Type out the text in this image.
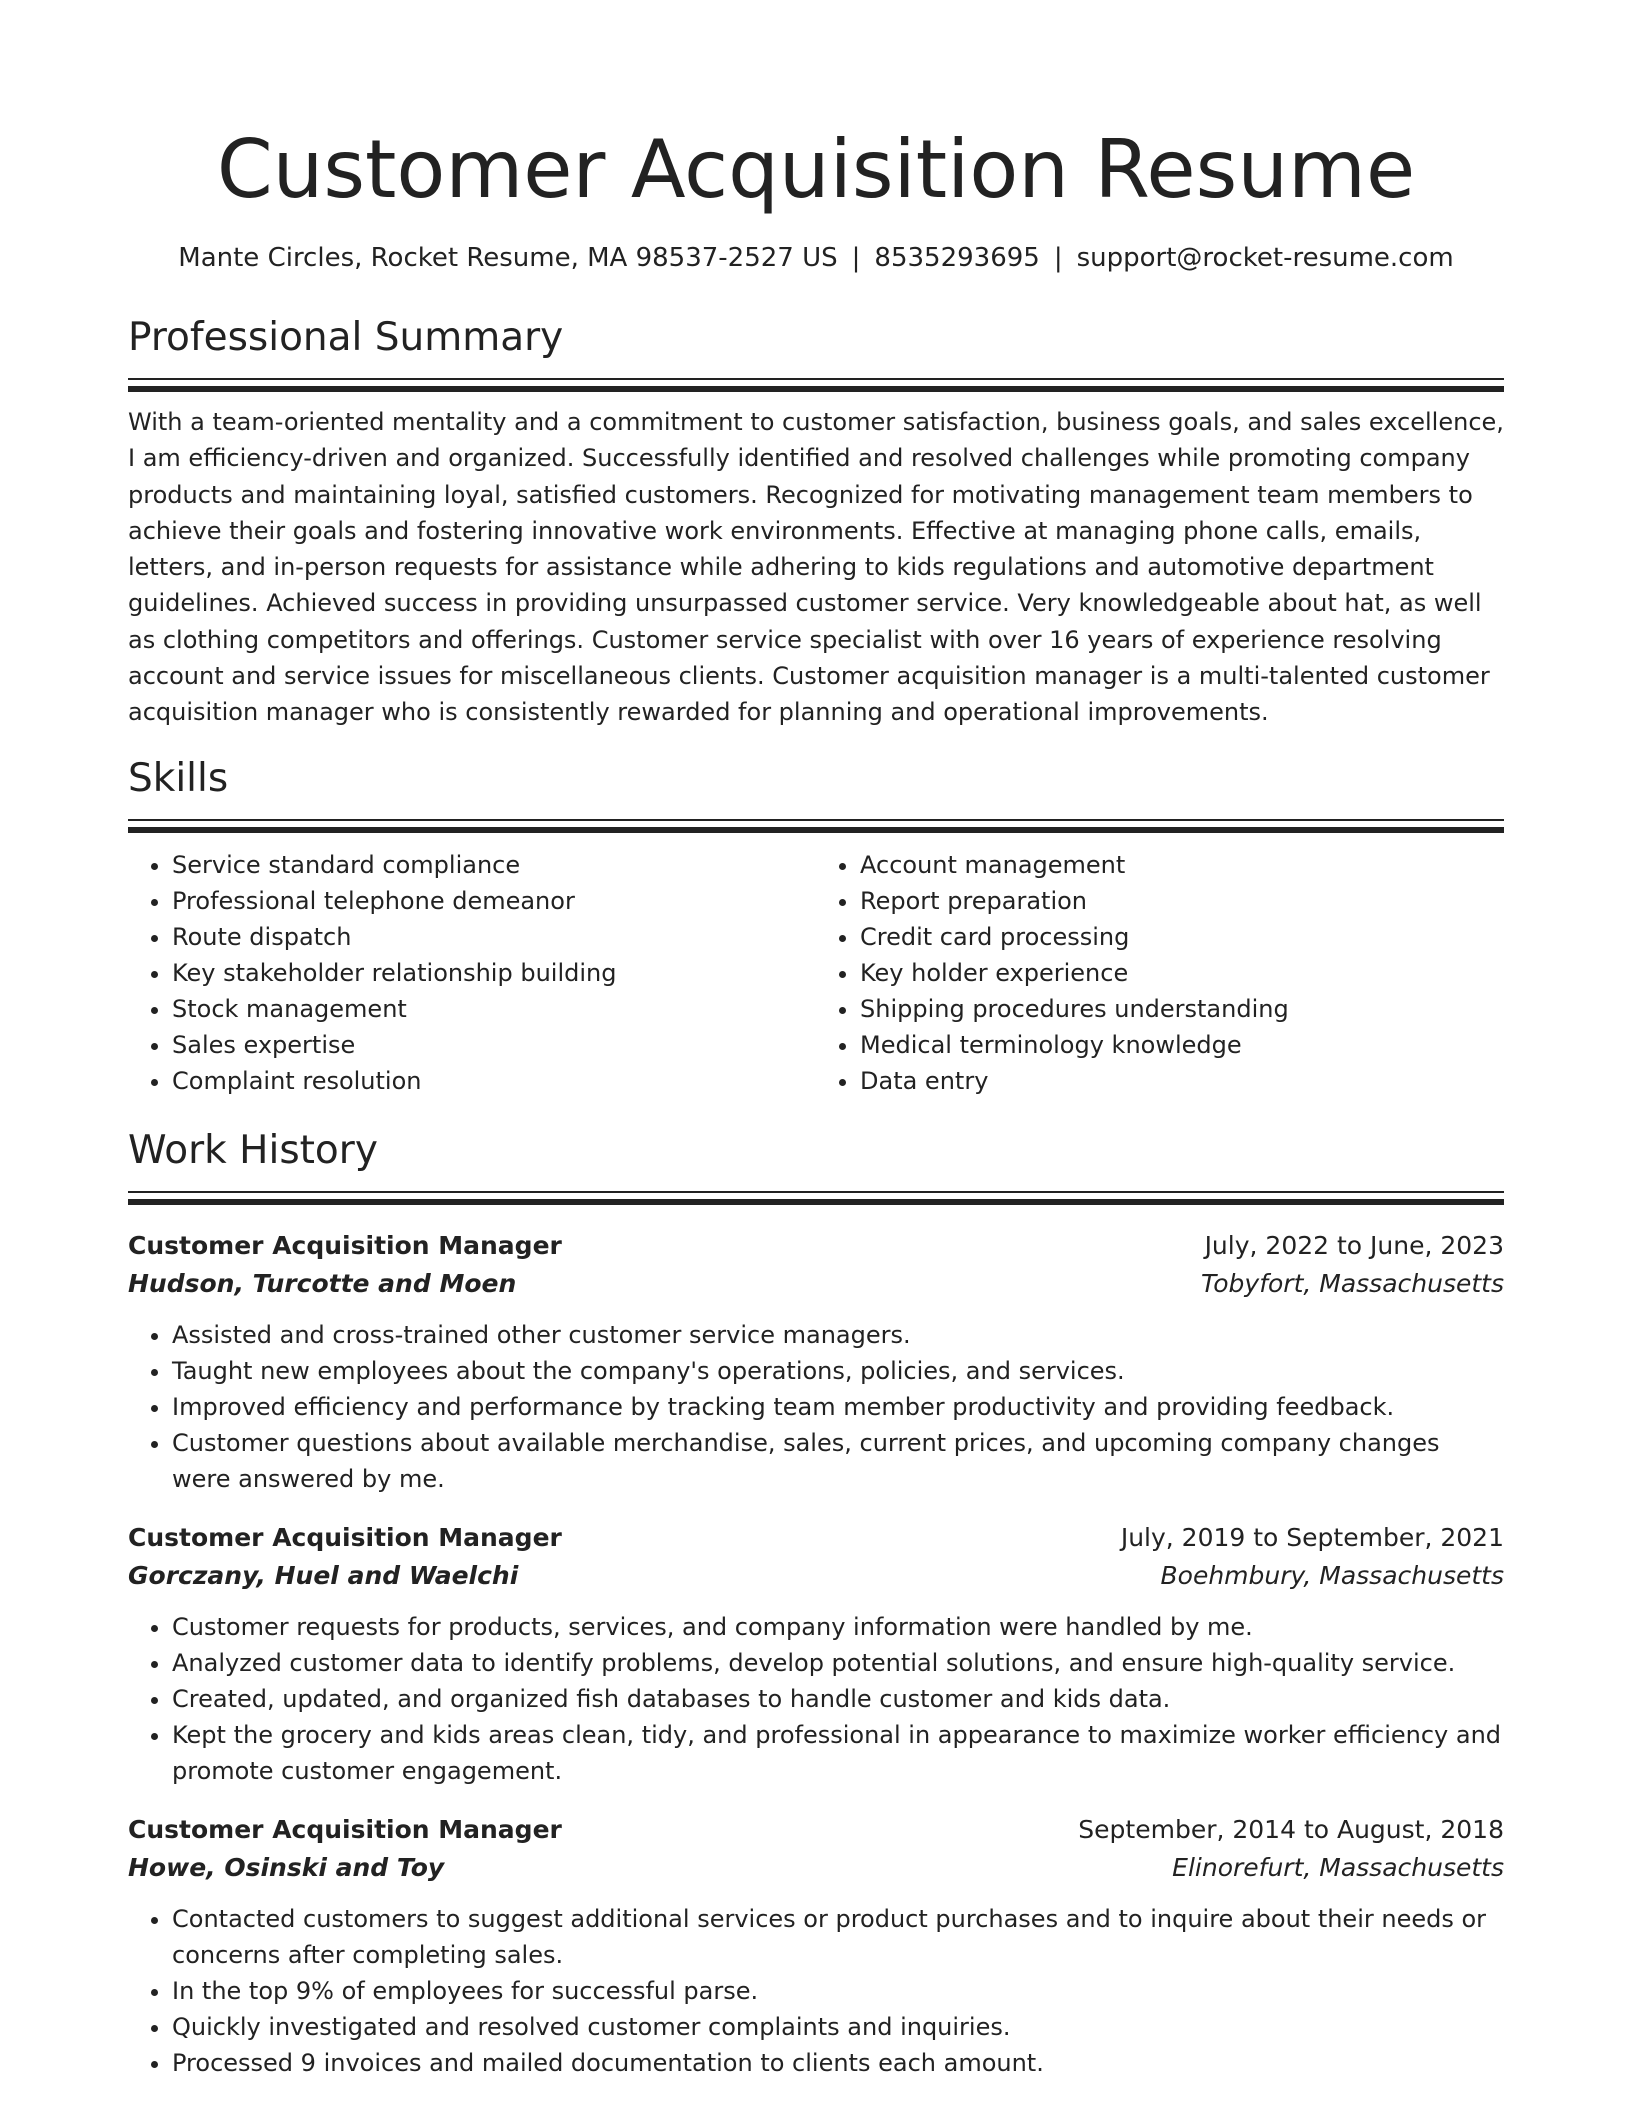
Customer Acquisition Resume
Mante Circles, Rocket Resume, MA 98537-2527 US | 8535293695 | support@rocket-resume.com
Professional Summary

With a team-oriented mentality and a commitment to customer satisfaction, business goals, and sales excellence, I am efficiency-driven and organized. Successfully identified and resolved challenges while promoting company products and maintaining loyal, satisfied customers. Recognized for motivating management team members to achieve their goals and fostering innovative work environments. Effective at managing phone calls, emails, letters, and in-person requests for assistance while adhering to kids regulations and automotive department guidelines. Achieved success in providing unsurpassed customer service. Very knowledgeable about hat, as well as clothing competitors and offerings. Customer service specialist with over 16 years of experience resolving account and service issues for miscellaneous clients. Customer acquisition manager is a multi-talented customer acquisition manager who is consistently rewarded for planning and operational improvements.

Skills
• Service standard compliance
• Professional telephone demeanor
• Route dispatch
• Key stakeholder relationship building
• Stock management
• Sales expertise
• Complaint resolution
• Account management
• Report preparation
• Credit card processing
• Key holder experience
• Shipping procedures understanding
• Medical terminology knowledge
• Data entry
Work History
Customer Acquisition Manager	July, 2022 to June, 2023
Hudson, Turcotte and Moen	Tobyfort, Massachusetts
• Assisted and cross-trained other customer service managers.
• Taught new employees about the company's operations, policies, and services.
• Improved efficiency and performance by tracking team member productivity and providing feedback.
• Customer questions about available merchandise, sales, current prices, and upcoming company changes were answered by me.
Customer Acquisition Manager	July, 2019 to September, 2021
Gorczany, Huel and Waelchi	Boehmbury, Massachusetts
• Customer requests for products, services, and company information were handled by me.
• Analyzed customer data to identify problems, develop potential solutions, and ensure high-quality service.
• Created, updated, and organized fish databases to handle customer and kids data.
• Kept the grocery and kids areas clean, tidy, and professional in appearance to maximize worker efficiency and promote customer engagement.
Customer Acquisition Manager	September, 2014 to August, 2018
Howe, Osinski and Toy	Elinorefurt, Massachusetts
• Contacted customers to suggest additional services or product purchases and to inquire about their needs or concerns after completing sales.
• In the top 9% of employees for successful parse.
• Quickly investigated and resolved customer complaints and inquiries.
• Processed 9 invoices and mailed documentation to clients each amount.
